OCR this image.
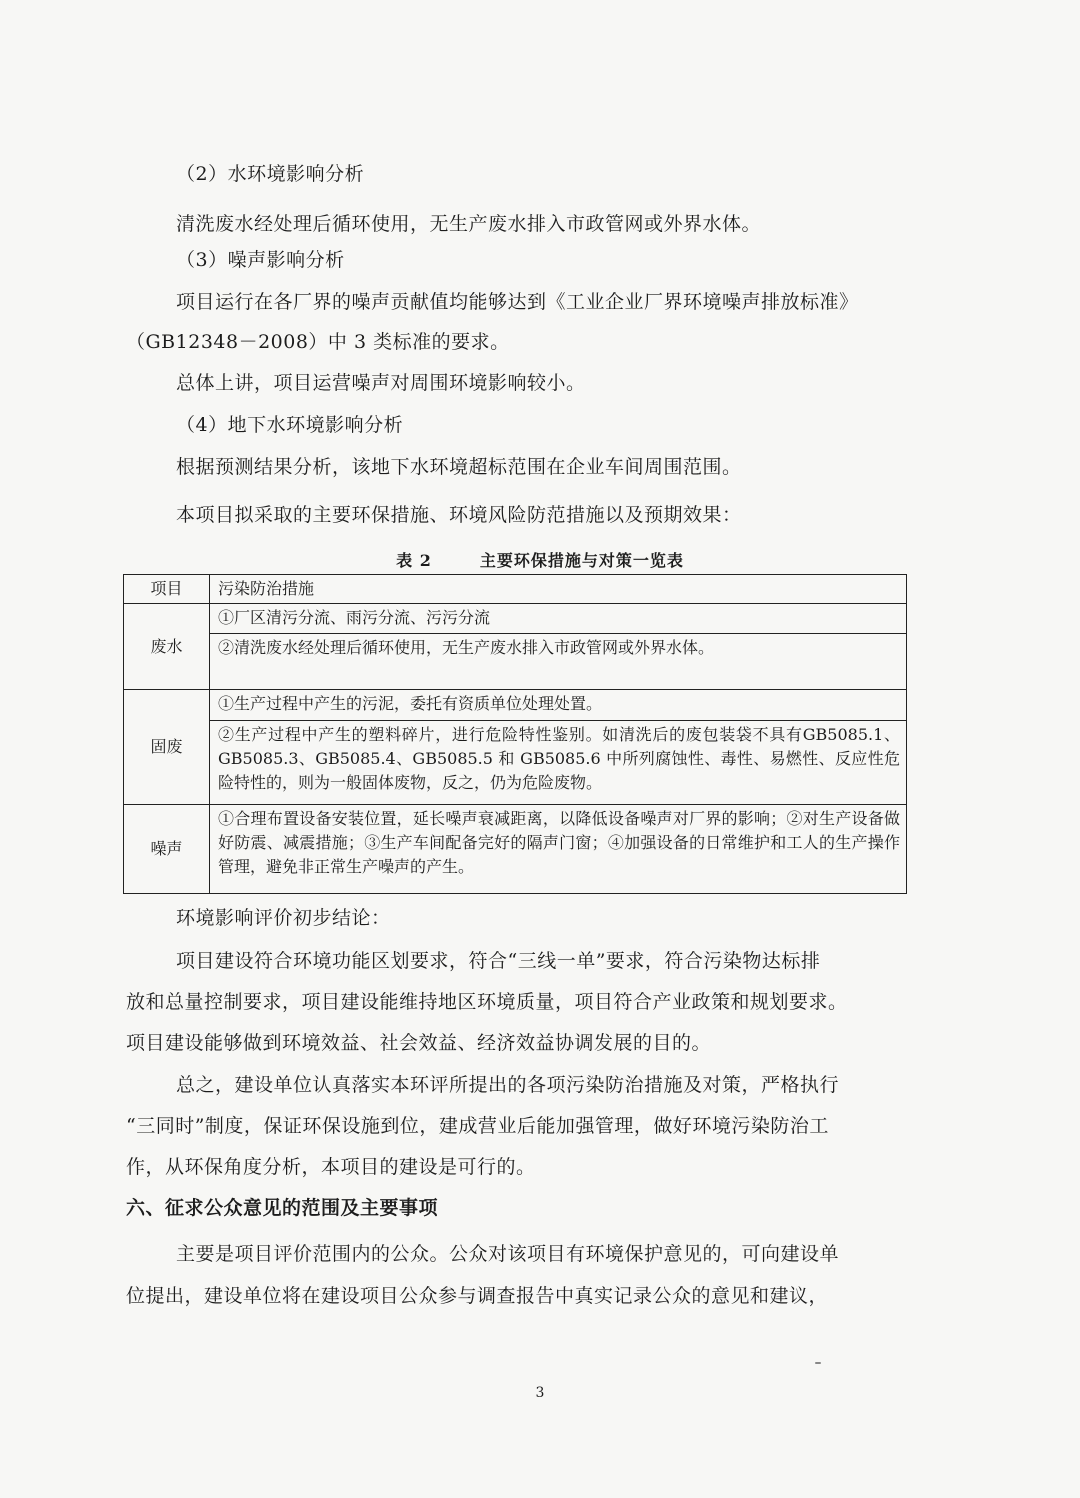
（2）水环境影响分析
清洗废水经处理后循环使用，无生产废水排入市政管网或外界水体。
（3）噪声影响分析
项目运行在各厂界的噪声贡献值均能够达到《工业企业厂界环境噪声排放标准》
（GB12348－2008）中 3 类标准的要求。
总体上讲，项目运营噪声对周围环境影响较小。
（4）地下水环境影响分析
根据预测结果分析，该地下水环境超标范围在企业车间周围范围。
本项目拟采取的主要环保措施、环境风险防范措施以及预期效果：
表 2	主要环保措施与对策一览表
项目	污染防治措施
废水	①厂区清污分流、雨污分流、污污分流
	②清洗废水经处理后循环使用，无生产废水排入市政管网或外界水体。
固废	①生产过程中产生的污泥，委托有资质单位处理处置。
	②生产过程中产生的塑料碎片，进行危险特性鉴别。如清洗后的废包装袋不具有GB5085.1、GB5085.3、GB5085.4、GB5085.5 和 GB5085.6 中所列腐蚀性、毒性、易燃性、反应性危险特性的，则为一般固体废物，反之，仍为危险废物。
噪声	①合理布置设备安装位置，延长噪声衰减距离，以降低设备噪声对厂界的影响；②对生产设备做好防震、减震措施；③生产车间配备完好的隔声门窗；④加强设备的日常维护和工人的生产操作管理，避免非正常生产噪声的产生。
环境影响评价初步结论：
项目建设符合环境功能区划要求，符合“三线一单”要求，符合污染物达标排
放和总量控制要求，项目建设能维持地区环境质量，项目符合产业政策和规划要求。
项目建设能够做到环境效益、社会效益、经济效益协调发展的目的。
总之，建设单位认真落实本环评所提出的各项污染防治措施及对策，严格执行
“三同时”制度，保证环保设施到位，建成营业后能加强管理，做好环境污染防治工
作，从环保角度分析，本项目的建设是可行的。
六、征求公众意见的范围及主要事项
主要是项目评价范围内的公众。公众对该项目有环境保护意见的，可向建设单
位提出，建设单位将在建设项目公众参与调查报告中真实记录公众的意见和建议，
3
